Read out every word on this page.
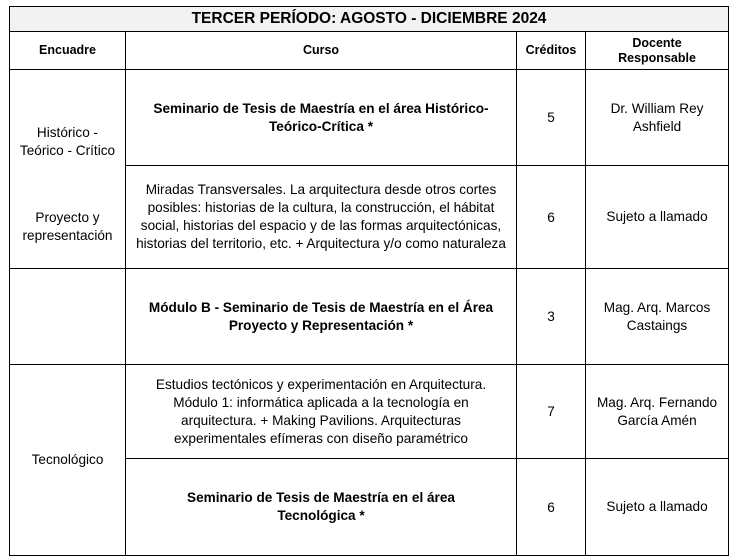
TERCER PERÍODO: AGOSTO - DICIEMBRE 2024			
Encuadre	Curso	Créditos	Docente Responsable
Histórico - Teórico - Crítico	Seminario de Tesis de Maestría en el área Histórico-Teórico-Crítica *	5	Dr. William Rey Ashfield
	Miradas Transversales. La arquitectura desde otros cortes posibles: historias de la cultura, la construcción, el hábitat social, historias del espacio y de las formas arquitectónicas, historias del territorio, etc. + Arquitectura y/o como naturaleza	6	Sujeto a llamado

Proyecto y representación	Módulo B - Seminario de Tesis de Maestría en el Área Proyecto y Representación *	3	Mag. Arq. Marcos Castaings
Tecnológico	Estudios tectónicos y experimentación en Arquitectura. Módulo 1: informática aplicada a la tecnología en arquitectura. + Making Pavilions. Arquitecturas experimentales efímeras con diseño paramétrico	7	Mag. Arq. Fernando García Amén
	Seminario de Tesis de Maestría en el área Tecnológica *	6	Sujeto a llamado
